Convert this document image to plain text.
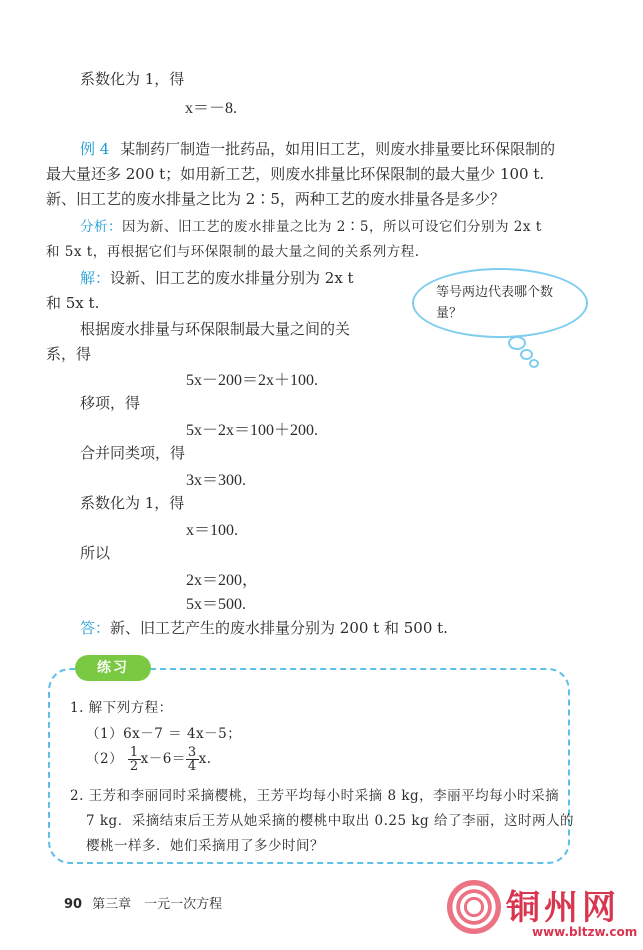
系数化为 1，得
x＝－8.
例 4 某制药厂制造一批药品，如用旧工艺，则废水排量要比环保限制的
最大量还多 200 t；如用新工艺，则废水排量比环保限制的最大量少 100 t.
新、旧工艺的废水排量之比为 2∶5，两种工艺的废水排量各是多少？
分析：因为新、旧工艺的废水排量之比为 2∶5，所以可设它们分别为 2x t
和 5x t，再根据它们与环保限制的最大量之间的关系列方程.
解：设新、旧工艺的废水排量分别为 2x t
和 5x t.
根据废水排量与环保限制最大量之间的关
系，得
5x－200＝2x＋100.
移项，得
5x－2x＝100＋200.
合并同类项，得
3x＝300.
系数化为 1，得
x＝100.
所以
2x＝200，
5x＝500.
等号两边代表哪个数量？
答：新、旧工艺产生的废水排量分别为 200 t 和 500 t.
练习
1. 解下列方程：
（1）6x－7 ＝ 4x－5；
$(2) \frac{1}{2} x-6= \frac{3}{4} x$.
2. 王芳和李丽同时采摘樱桃，王芳平均每小时采摘 8 kg，李丽平均每小时采摘
7 kg．采摘结束后王芳从她采摘的樱桃中取出 0.25 kg 给了李丽，这时两人的
樱桃一样多．她们采摘用了多少时间？
90 第三章　一元一次方程	铜州网
www.bltzw.com
